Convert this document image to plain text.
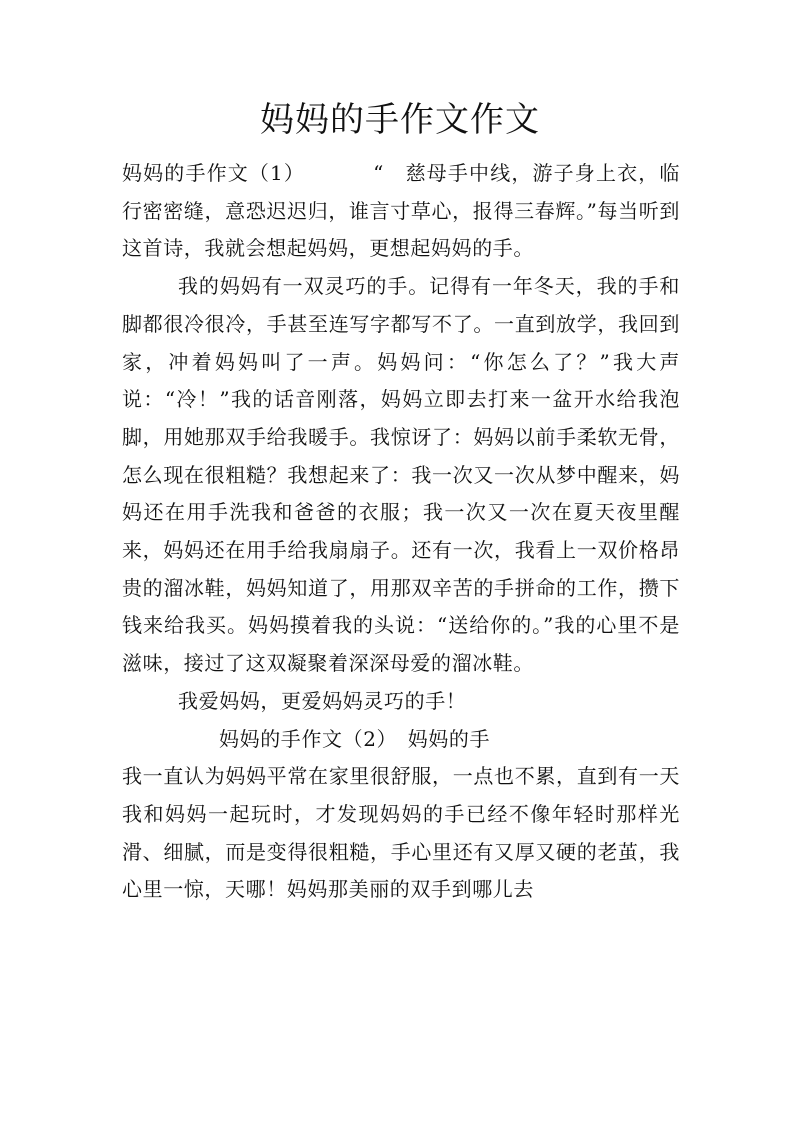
妈妈的手作文作文

妈妈的手作文（1）	“　慈母手中线，游子身上衣，临行密密缝，意恐迟迟归，谁言寸草心，报得三春辉。”每当听到这首诗，我就会想起妈妈，更想起妈妈的手。

我的妈妈有一双灵巧的手。记得有一年冬天，我的手和脚都很冷很冷，手甚至连写字都写不了。一直到放学，我回到家，冲着妈妈叫了一声。妈妈问：“你怎么了？”我大声说：“冷！”我的话音刚落，妈妈立即去打来一盆开水给我泡脚，用她那双手给我暖手。我惊讶了：妈妈以前手柔软无骨，怎么现在很粗糙？我想起来了：我一次又一次从梦中醒来，妈妈还在用手洗我和爸爸的衣服；我一次又一次在夏天夜里醒来，妈妈还在用手给我扇扇子。还有一次，我看上一双价格昂贵的溜冰鞋，妈妈知道了，用那双辛苦的手拼命的工作，攒下钱来给我买。妈妈摸着我的头说：“送给你的。”我的心里不是滋味，接过了这双凝聚着深深母爱的溜冰鞋。

我爱妈妈，更爱妈妈灵巧的手！

妈妈的手作文（2）　妈妈的手

我一直认为妈妈平常在家里很舒服，一点也不累，直到有一天我和妈妈一起玩时，才发现妈妈的手已经不像年轻时那样光滑、细腻，而是变得很粗糙，手心里还有又厚又硬的老茧，我心里一惊，天哪！妈妈那美丽的双手到哪儿去
